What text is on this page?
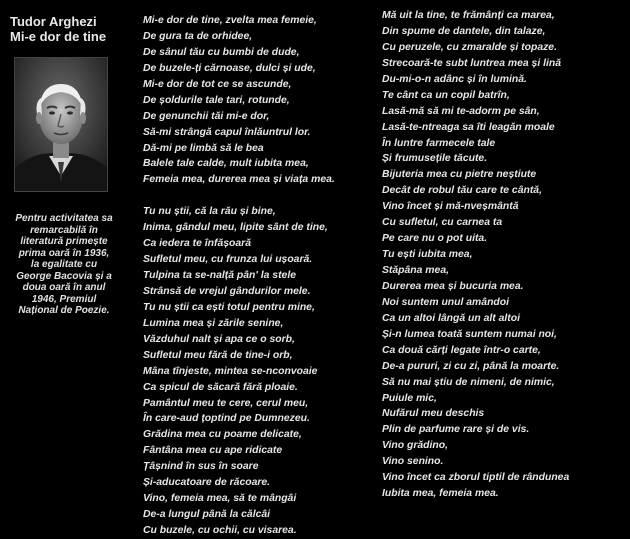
Tudor Arghezi
Mi-e dor de tine
Pentru activitatea sa
remarcabilă în
literatură primește
prima oară în 1936,
la egalitate cu
George Bacovia și a
doua oară în anul
1946, Premiul
Național de Poezie.
Mi-e dor de tine, zvelta mea femeie,
De gura ta de orhidee,
De sânul tău cu bumbi de dude,
De buzele-ți cărnoase, dulci și ude,
Mi-e dor de tot ce se ascunde,
De șoldurile tale tari, rotunde,
De genunchii tăi mi-e dor,
Să-mi strângă capul înlăuntrul lor.
Dă-mi pe limbă să le bea
Balele tale calde, mult iubita mea,
Femeia mea, durerea mea și viața mea.
Tu nu știi, că la rău și bine,
Inima, gândul meu, lipite sânt de tine,
Ca iedera te înfășoară
Sufletul meu, cu frunza lui ușoară.
Tulpina ta se-nalță pân' la stele
Strânsă de vrejul gândurilor mele.
Tu nu știi ca ești totul pentru mine,
Lumina mea și zările senine,
Văzduhul nalt și apa ce o sorb,
Sufletul meu fără de tine-i orb,
Mâna tînjeste, mintea se-nconvoaie
Ca spicul de săcară fără ploaie.
Pamântul meu te cere, cerul meu,
În care-aud țoptind pe Dumnezeu.
Grădina mea cu poame delicate,
Fântâna mea cu ape ridicate
Țâșnind în sus în soare
Și-aducatoare de răcoare.
Vino, femeia mea, să te mângâi
De-a lungul până la călcâi
Cu buzele, cu ochii, cu visarea.
Mă uit la tine, te frămânți ca marea,
Din spume de dantele, din talaze,
Cu peruzele, cu zmaralde și topaze.
Strecoară-te subt luntrea mea și lină
Du-mi-o-n adânc și în lumină.
Te cânt ca un copil batrîn,
Lasă-mă să mi te-adorm pe sân,
Lasă-te-ntreaga sa îti leagăn moale
În luntre farmecele tale
Și frumusețile tăcute.
Bijuteria mea cu pietre neștiute
Decât de robul tău care te cântă,
Vino încet și mă-nveșmântă
Cu sufletul, cu carnea ta
Pe care nu o pot uita.
Tu ești iubita mea,
Stăpâna mea,
Durerea mea și bucuria mea.
Noi suntem unul amândoi
Ca un altoi lângă un alt altoi
Și-n lumea toată suntem numai noi,
Ca două cărți legate într-o carte,
De-a pururi, zi cu zi, până la moarte.
Să nu mai știu de nimeni, de nimic,
Puiule mic,
Nufărul meu deschis
Plin de parfume rare și de vis.
Vino grădino,
Vino senino.
Vino încet ca zborul tiptil de rândunea
Iubita mea, femeia mea.
